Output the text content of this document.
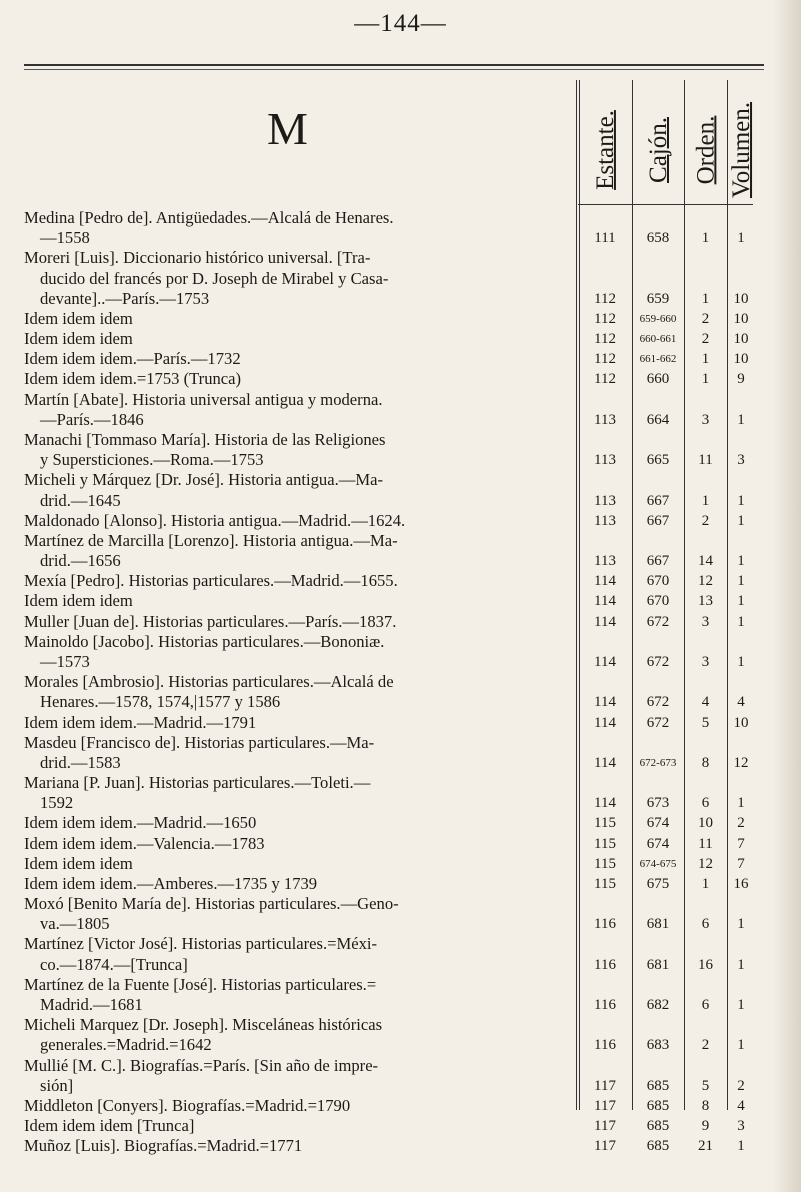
—144—
M	Estante. Cajón. Orden. Volumen.
Medina [Pedro de]. Antigüedades.—Alcalá de Henares.
—1558	111	658	1	1
Moreri [Luis]. Diccionario histórico universal. [Tra-
ducido del francés por D. Joseph de Mirabel y Casa-
devante]..—París.—1753	112	659	1	10
Idem idem idem	112	659-660	2	10
Idem idem idem	112	660-661	2	10
Idem idem idem.—París.—1732	112	661-662	1	10
Idem idem idem.=1753 (Trunca)	112	660	1	9
Martín [Abate]. Historia universal antigua y moderna.
—París.—1846	113	664	3	1
Manachi [Tommaso María]. Historia de las Religiones
y Supersticiones.—Roma.—1753	113	665	11	3
Micheli y Márquez [Dr. José]. Historia antigua.—Ma-
drid.—1645	113	667	1	1
Maldonado [Alonso]. Historia antigua.—Madrid.—1624.	113	667	2	1
Martínez de Marcilla [Lorenzo]. Historia antigua.—Ma-
drid.—1656	113	667	14	1
Mexía [Pedro]. Historias particulares.—Madrid.—1655.	114	670	12	1
Idem idem idem	114	670	13	1
Muller [Juan de]. Historias particulares.—París.—1837.	114	672	3	1
Mainoldo [Jacobo]. Historias particulares.—Bononiæ.
—1573	114	672	3	1
Morales [Ambrosio]. Historias particulares.—Alcalá de
Henares.—1578, 1574,|1577 y 1586	114	672	4	4
Idem idem idem.—Madrid.—1791	114	672	5	10
Masdeu [Francisco de]. Historias particulares.—Ma-
drid.—1583	114	672-673	8	12
Mariana [P. Juan]. Historias particulares.—Toleti.—
1592	114	673	6	1
Idem idem idem.—Madrid.—1650	115	674	10	2
Idem idem idem.—Valencia.—1783	115	674	11	7
Idem idem idem	115	674-675	12	7
Idem idem idem.—Amberes.—1735 y 1739	115	675	1	16
Moxó [Benito María de]. Historias particulares.—Geno-
va.—1805	116	681	6	1
Martínez [Victor José]. Historias particulares.=Méxi-
co.—1874.—[Trunca]	116	681	16	1
Martínez de la Fuente [José]. Historias particulares.=
Madrid.—1681	116	682	6	1
Micheli Marquez [Dr. Joseph]. Misceláneas históricas
generales.=Madrid.=1642	116	683	2	1
Mullié [M. C.]. Biografías.=París. [Sin año de impre-
sión]	117	685	5	2
Middleton [Conyers]. Biografías.=Madrid.=1790	117	685	8	4
Idem idem idem [Trunca]	117	685	9	3
Muñoz [Luis]. Biografías.=Madrid.=1771	117	685	21	1
